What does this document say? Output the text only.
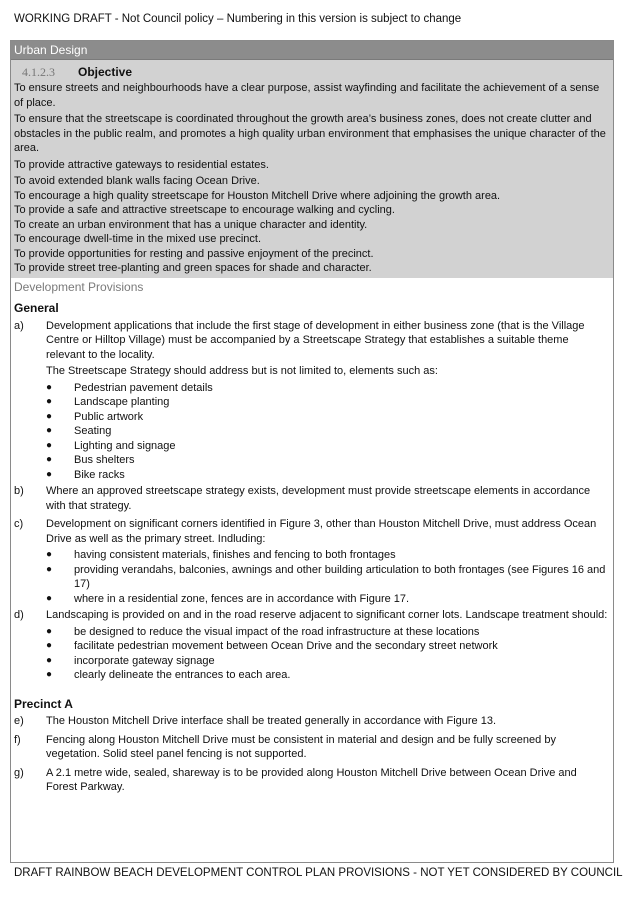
WORKING DRAFT - Not Council policy – Numbering in this version is subject to change
Urban Design
4.1.2.3	Objective
To ensure streets and neighbourhoods have a clear purpose, assist wayfinding and facilitate the achievement of a sense of place.
To ensure that the streetscape is coordinated throughout the growth area’s business zones, does not create clutter and obstacles in the public realm, and promotes a high quality urban environment that emphasises the unique character of the area.
To provide attractive gateways to residential estates.
To avoid extended blank walls facing Ocean Drive.
To encourage a high quality streetscape for Houston Mitchell Drive where adjoining the growth area.
To provide a safe and attractive streetscape to encourage walking and cycling.
To create an urban environment that has a unique character and identity.
To encourage dwell-time in the mixed use precinct.
To provide opportunities for resting and passive enjoyment of the precinct.
To provide street tree-planting and green spaces for shade and character.
Development Provisions
General
a)	Development applications that include the first stage of development in either business zone (that is the Village Centre or Hilltop Village) must be accompanied by a Streetscape Strategy that establishes a suitable theme relevant to the locality.

The Streetscape Strategy should address but is not limited to, elements such as:

●	Pedestrian pavement details
●	Landscape planting
●	Public artwork
●	Seating
●	Lighting and signage
●	Bus shelters
●	Bike racks
b)	Where an approved streetscape strategy exists, development must provide streetscape elements in accordance with that strategy.

c)	Development on significant corners identified in Figure 3, other than Houston Mitchell Drive, must address Ocean Drive as well as the primary street. Indluding:

●	having consistent materials, finishes and fencing to both frontages
●	providing verandahs, balconies, awnings and other building articulation to both frontages (see Figures 16 and 17)
●	where in a residential zone, fences are in accordance with Figure 17.
d)	Landscaping is provided on and in the road reserve adjacent to significant corner lots. Landscape treatment should:

●	be designed to reduce the visual impact of the road infrastructure at these locations
●	facilitate pedestrian movement between Ocean Drive and the secondary street network
●	incorporate gateway signage
●	clearly delineate the entrances to each area.
Precinct A
e)	The Houston Mitchell Drive interface shall be treated generally in accordance with Figure 13.

f)	Fencing along Houston Mitchell Drive must be consistent in material and design and be fully screened by vegetation. Solid steel panel fencing is not supported.

g)	A 2.1 metre wide, sealed, shareway is to be provided along Houston Mitchell Drive between Ocean Drive and Forest Parkway.

DRAFT RAINBOW BEACH DEVELOPMENT CONTROL PLAN PROVISIONS - NOT YET CONSIDERED BY COUNCIL
